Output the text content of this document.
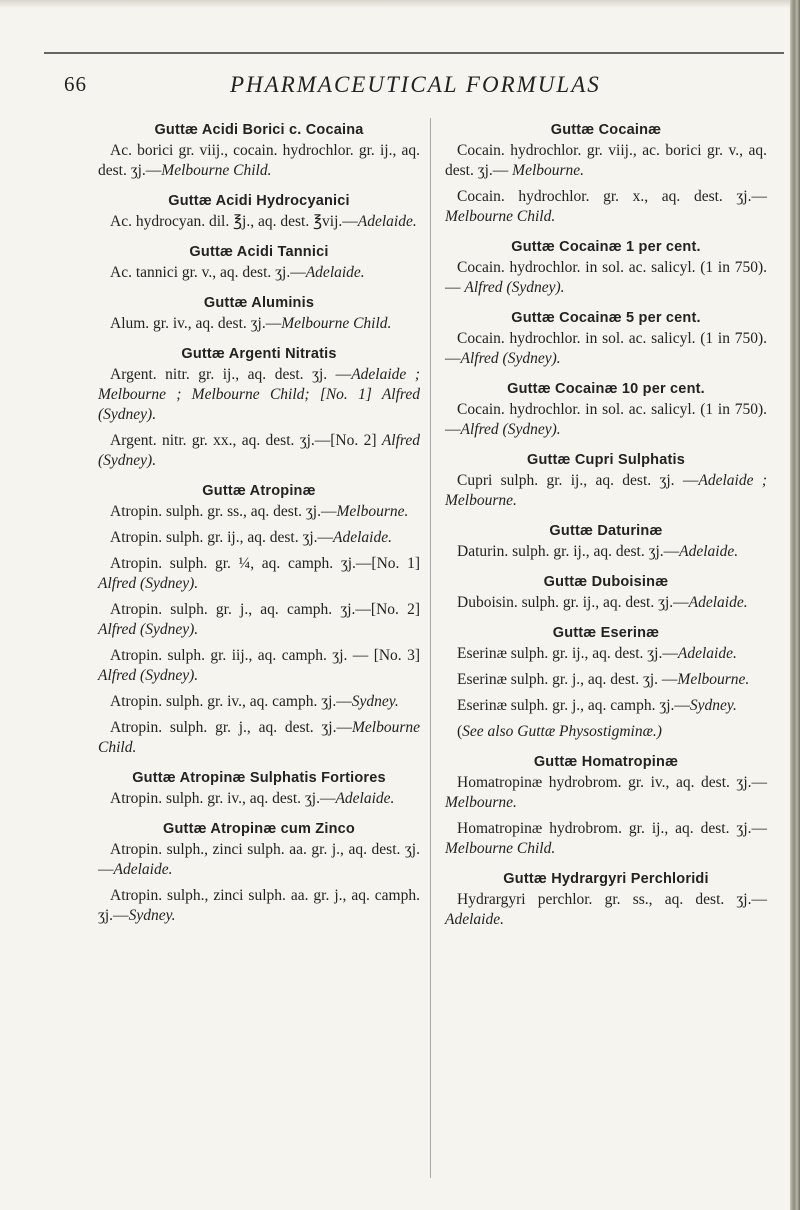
66	PHARMACEUTICAL FORMULAS
Guttæ Acidi Borici c. Cocaina

Ac. borici gr. viij., cocain. hydrochlor. gr. ij., aq. dest. ʒj.—Melbourne Child.

Guttæ Acidi Hydrocyanici

Ac. hydrocyan. dil. ℥j., aq. dest. ℥vij.—Adelaide.

Guttæ Acidi Tannici

Ac. tannici gr. v., aq. dest. ʒj.—Adelaide.

Guttæ Aluminis

Alum. gr. iv., aq. dest. ʒj.—Melbourne Child.

Guttæ Argenti Nitratis

Argent. nitr. gr. ij., aq. dest. ʒj. —Adelaide ; Melbourne ; Melbourne Child; [No. 1] Alfred (Sydney).

Argent. nitr. gr. xx., aq. dest. ʒj.—[No. 2] Alfred (Sydney).

Guttæ Atropinæ

Atropin. sulph. gr. ss., aq. dest. ʒj.—Melbourne.

Atropin. sulph. gr. ij., aq. dest. ʒj.—Adelaide.

Atropin. sulph. gr. ¼, aq. camph. ʒj.—[No. 1] Alfred (Sydney).

Atropin. sulph. gr. j., aq. camph. ʒj.—[No. 2] Alfred (Sydney).

Atropin. sulph. gr. iij., aq. camph. ʒj. — [No. 3] Alfred (Sydney).

Atropin. sulph. gr. iv., aq. camph. ʒj.—Sydney.

Atropin. sulph. gr. j., aq. dest. ʒj.—Melbourne Child.

Guttæ Atropinæ Sulphatis Fortiores

Atropin. sulph. gr. iv., aq. dest. ʒj.—Adelaide.

Guttæ Atropinæ cum Zinco

Atropin. sulph., zinci sulph. aa. gr. j., aq. dest. ʒj.—Adelaide.

Atropin. sulph., zinci sulph. aa. gr. j., aq. camph. ʒj.—Sydney.

Guttæ Cocainæ

Cocain. hydrochlor. gr. viij., ac. borici gr. v., aq. dest. ʒj.— Melbourne.

Cocain. hydrochlor. gr. x., aq. dest. ʒj.—Melbourne Child.

Guttæ Cocainæ 1 per cent.

Cocain. hydrochlor. in sol. ac. salicyl. (1 in 750). — Alfred (Sydney).

Guttæ Cocainæ 5 per cent.

Cocain. hydrochlor. in sol. ac. salicyl. (1 in 750).—Alfred (Sydney).

Guttæ Cocainæ 10 per cent.

Cocain. hydrochlor. in sol. ac. salicyl. (1 in 750).—Alfred (Sydney).

Guttæ Cupri Sulphatis

Cupri sulph. gr. ij., aq. dest. ʒj. —Adelaide ; Melbourne.

Guttæ Daturinæ

Daturin. sulph. gr. ij., aq. dest. ʒj.—Adelaide.

Guttæ Duboisinæ

Duboisin. sulph. gr. ij., aq. dest. ʒj.—Adelaide.

Guttæ Eserinæ

Eserinæ sulph. gr. ij., aq. dest. ʒj.—Adelaide.

Eserinæ sulph. gr. j., aq. dest. ʒj. —Melbourne.

Eserinæ sulph. gr. j., aq. camph. ʒj.—Sydney.

(See also Guttæ Physostigminæ.)

Guttæ Homatropinæ

Homatropinæ hydrobrom. gr. iv., aq. dest. ʒj.—Melbourne.

Homatropinæ hydrobrom. gr. ij., aq. dest. ʒj.—Melbourne Child.

Guttæ Hydrargyri Perchloridi

Hydrargyri perchlor. gr. ss., aq. dest. ʒj.—Adelaide.
